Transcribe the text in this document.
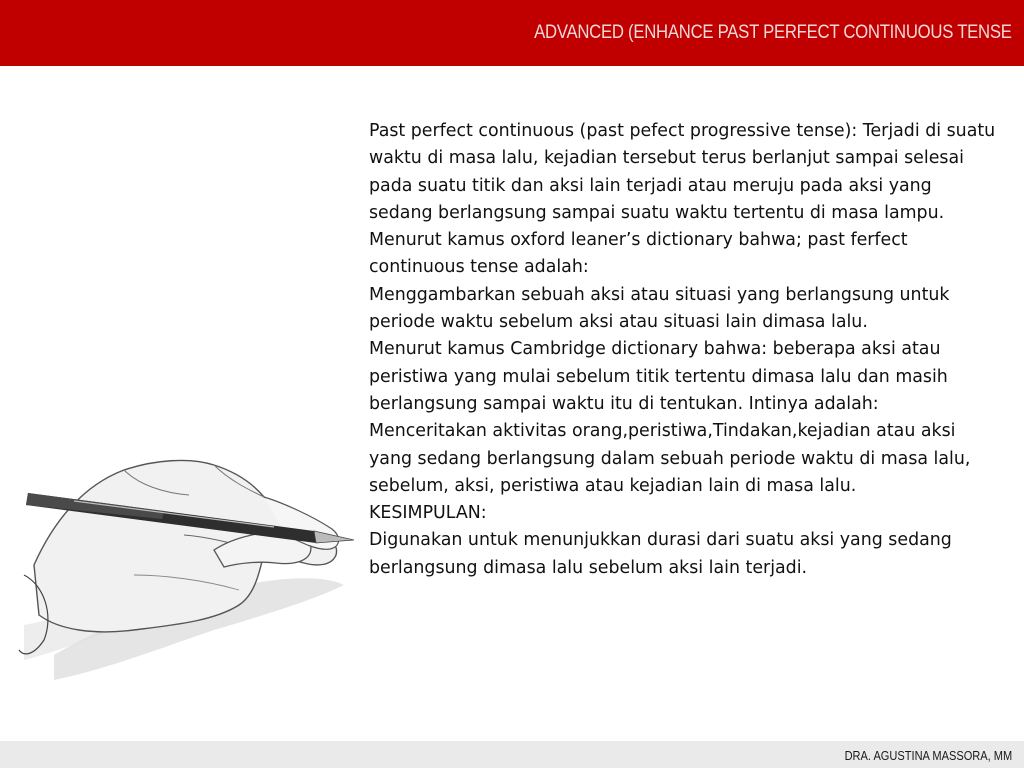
ADVANCED (ENHANCE PAST PERFECT CONTINUOUS TENSE

Past perfect continuous (past pefect progressive tense): Terjadi di suatu waktu di masa lalu, kejadian tersebut terus berlanjut sampai selesai pada suatu titik dan aksi lain terjadi atau meruju pada aksi yang sedang berlangsung sampai suatu waktu tertentu di masa lampu.

Menurut kamus oxford leaner’s dictionary bahwa; past ferfect continuous tense adalah:

Menggambarkan sebuah aksi atau situasi yang berlangsung untuk periode waktu sebelum aksi atau situasi lain dimasa lalu.

Menurut kamus Cambridge dictionary bahwa: beberapa aksi atau peristiwa yang mulai sebelum titik tertentu dimasa lalu dan masih berlangsung sampai waktu itu di tentukan. Intinya adalah:

Menceritakan aktivitas orang,peristiwa,Tindakan,kejadian atau aksi yang sedang berlangsung dalam sebuah periode waktu di masa lalu, sebelum, aksi, peristiwa atau kejadian lain di masa lalu.

KESIMPULAN:

Digunakan untuk menunjukkan durasi dari suatu aksi yang sedang berlangsung dimasa lalu sebelum aksi lain terjadi.

DRA. AGUSTINA MASSORA, MM
